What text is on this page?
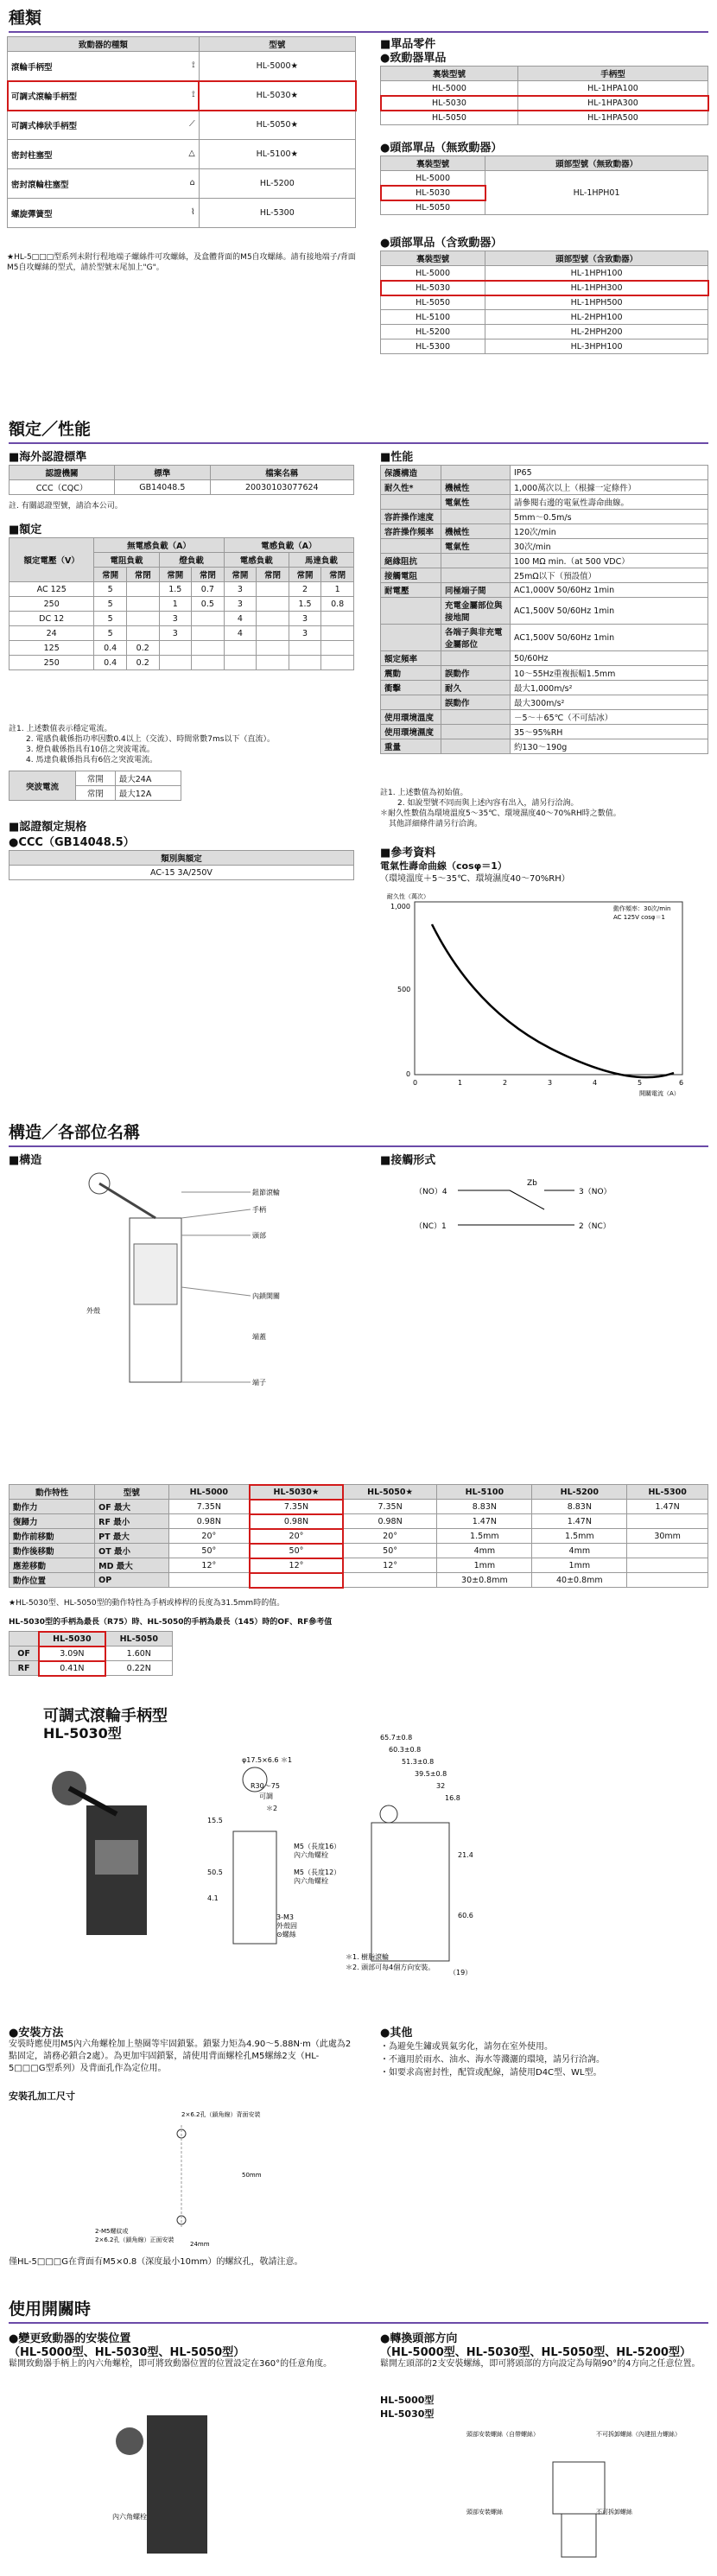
種類
致動器的種類	型號
滾輪手柄型 ⟟	HL-5000★
可調式滾輪手柄型 ⟟	HL-5030★
可調式棒狀手柄型 ⟋	HL-5050★
密封柱塞型 △	HL-5100★
密封滾輪柱塞型 ⌂	HL-5200
螺旋彈簧型 ⌇	HL-5300
★HL-5□□□型系列未附行程地端子螺絲件可攻螺絲，及盒體背面的M5自攻螺絲。請有接地端子/背面M5自攻螺絲的型式，請於型號末尾加上"G"。
■單品零件
●致動器單品
裏裝型號	手柄型
HL-5000	HL-1HPA100
HL-5030	HL-1HPA300
HL-5050	HL-1HPA500
●頭部單品（無致動器）
裏裝型號	頭部型號（無致動器）
HL-5000	HL-1HPH01
HL-5030	
HL-5050	
●頭部單品（含致動器）
裏裝型號	頭部型號（含致動器）
HL-5000	HL-1HPH100
HL-5030	HL-1HPH300
HL-5050	HL-1HPH500
HL-5100	HL-2HPH100
HL-5200	HL-2HPH200
HL-5300	HL-3HPH100
額定／性能
■海外認證標準
認證機關	標準	檔案名稱
CCC（CQC）	GB14048.5	2003010307​7624
註. 有關認證型號，請洽本公司。
■額定
額定電壓（V）	無電感負載（A）				電感負載（A）			
	電阻負載		燈負載		電感負載		馬達負載	
	常開	常閉	常開	常閉	常開	常閉	常開	常閉
AC 125	5		1.5	0.7	3		2	1
250	5		1	0.5	3		1.5	0.8
DC 12	5		3		4		3	
24	5		3		4		3	
125	0.4	0.2						
250	0.4	0.2						
註1. 上述數值表示穩定電流。
2. 電感負載係指功率因數0.4以上（交流）、時間常數7ms以下（直流）。
3. 燈負載係指具有10倍之突波電流。
4. 馬達負載係指具有6倍之突波電流。
突波電流	常開	最大24A
	常閉	最大12A
■認證額定規格
●CCC（GB14048.5）
類別與額定
AC-15 3A/250V
■性能
保護構造		IP65
耐久性*	機械性	1,000萬次以上（根據一定條件）
	電氣性	請參閱右邊的電氣性壽命曲線。
容許操作速度		5mm～0.5m/s
容許操作頻率	機械性	120次/min
	電氣性	30次/min
絕緣阻抗		100 MΩ min.（at 500 VDC）
接觸電阻		25mΩ以下（預設值）
耐電壓	同極端子間	AC1,000V 50/60Hz 1min
	充電金屬部位與接地間	AC1,500V 50/60Hz 1min
	各端子與非充電金屬部位	AC1,500V 50/60Hz 1min
額定頻率		50/60Hz
震動	誤動作	10～55Hz重複振幅1.5mm
衝擊	耐久	最大1,000m/s²
	誤動作	最大300m/s²
使用環境溫度		－5～＋65℃（不可結冰）
使用環境濕度		35～95%RH
重量		約130～190g
註1. 上述數值為初始值。
2. 如說型號不同而與上述內容有出入，請另行洽詢。
＊耐久性數值為環境溫度5～35℃、環境濕度40～70%RH時之數值。
其他詳細條件請另行洽詢。
■參考資料
電氣性壽命曲線（cosφ＝1）
（環境溫度＋5～35℃、環境濕度40～70%RH）
耐久性（萬次）
1,000
500
0
0	1	2	3	4	5	6
開關電流（A）
動作頻率：30次/min
AC 125V cosφ＝1
構造／各部位名稱
■構造
鈕節滾輪
手柄
頭部
外殼
內鎖開關
端蓋
端子
■接觸形式
（NO）4
（NC）1
Zb
3（NO）
2（NC）
動作特性	型號	HL-5000	HL-5030★	HL-5050★	HL-5100	HL-5200	HL-5300
動作力	OF 最大	7.35N	7.35N	7.35N	8.83N	8.83N	1.47N
復歸力	RF 最小	0.98N	0.98N	0.98N	1.47N	1.47N	
動作前移動	PT 最大	20°	20°	20°	1.5mm	1.5mm	30mm
動作後移動	OT 最小	50°	50°	50°	4mm	4mm	
應差移動	MD 最大	12°	12°	12°	1mm	1mm	
動作位置	OP				30±0.8mm	40±0.8mm	
★HL-5030型、HL-5050型的動作特性為手柄或棒桿的長度為31.5mm時的值。
HL-5030型的手柄為最長（R75）時、HL-5050的手柄為最長（145）時的OF、RF參考值
	HL-5030	HL-5050
OF	3.09N	1.60N
RF	0.41N	0.22N
可調式滾輪手柄型
HL-5030型	65.7±0.8
60.3±0.8
51.3±0.8
39.5±0.8
32
16.8
φ17.5×6.6 ＊1
R30～75
可調
＊2
15.5
M5（長度16）
內六角螺栓
M5（長度12）
內六角螺栓
4.1
50.5
3-M3
外殼固
⊙螺絲
21.4
60.6
（19）
＊1. 樹脂滾輪
＊2. 頭部可每4個方向安裝。
●安裝方法
安裝時應使用M5內六角螺栓加上墊圈等牢固鎖緊。鎖緊力矩為4.90～5.88N·m（此處為2點固定，請務必鎖合2處）。為更加牢固鎖緊，請使用背面螺栓孔M5螺絲2支（HL-5□□□G型系列）及背面孔作為定位用。
安裝孔加工尺寸
2×6.2孔（鎖角線）背面安裝
50mm
24mm
2-M5螺紋或
2×6.2孔（鎖角線）正面安裝
僅HL-5□□□G在背面有M5×0.8（深度最小10mm）的螺紋孔，敬請注意。
●其他
・為避免生鏽或異氣劣化，請勿在室外使用。
・不適用於雨水、油水、海水等濺灑的環境，請另行洽詢。
・如要求高密封性，配管或配線，請使用D4C型、WL型。
使用開關時
●變更致動器的安裝位置
（HL-5000型、HL-5030型、HL-5050型）
鬆開致動器手柄上的內六角螺栓，即可將致動器位置的位置設定在360°的任意角度。
內六角螺栓
●轉換頭部方向
（HL-5000型、HL-5030型、HL-5050型、HL-5200型）
鬆開左頭部的2支安裝螺絲，即可將頭部的方向設定為每隔90°的4方向之任意位置。
HL-5000型
HL-5030型
頭部安裝螺絲（自帶螺絲）	不可拆卸螺絲（內建扭力螺絲）
頭部安裝螺絲	不可拆卸螺絲
